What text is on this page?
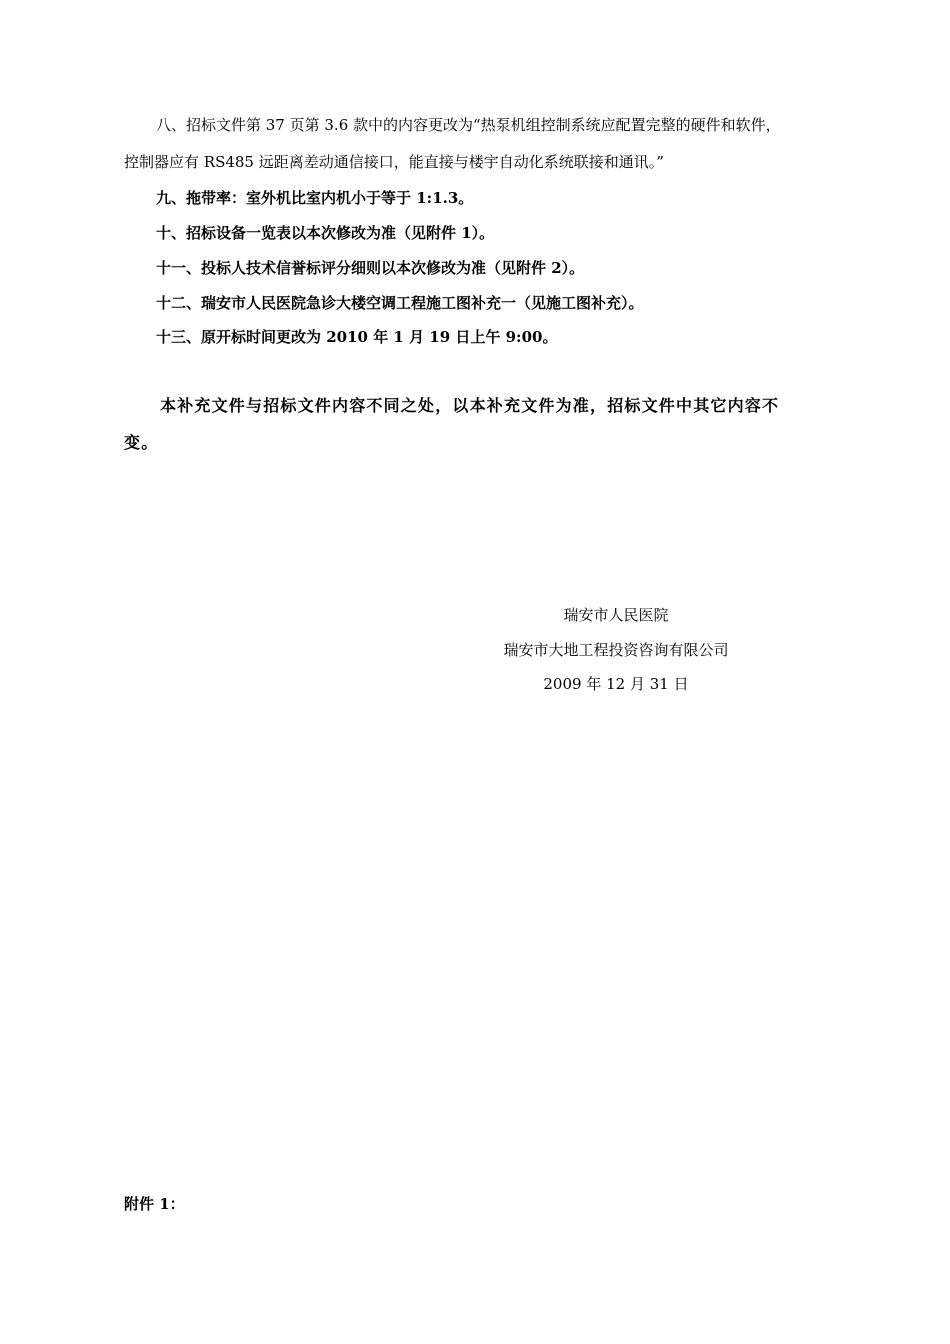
八、招标文件第 37 页第 3.6 款中的内容更改为“热泵机组控制系统应配置完整的硬件和软件，
控制器应有 RS485 远距离差动通信接口，能直接与楼宇自动化系统联接和通讯。”
九、拖带率：室外机比室内机小于等于 1:1.3。
十、招标设备一览表以本次修改为准（见附件 1）。
十一、投标人技术信誉标评分细则以本次修改为准（见附件 2）。
十二、瑞安市人民医院急诊大楼空调工程施工图补充一（见施工图补充）。
十三、原开标时间更改为 2010 年 1 月 19 日上午 9:00。
本补充文件与招标文件内容不同之处，以本补充文件为准，招标文件中其它内容不
变。
瑞安市人民医院
瑞安市大地工程投资咨询有限公司
2009 年 12 月 31 日
附件 1：
